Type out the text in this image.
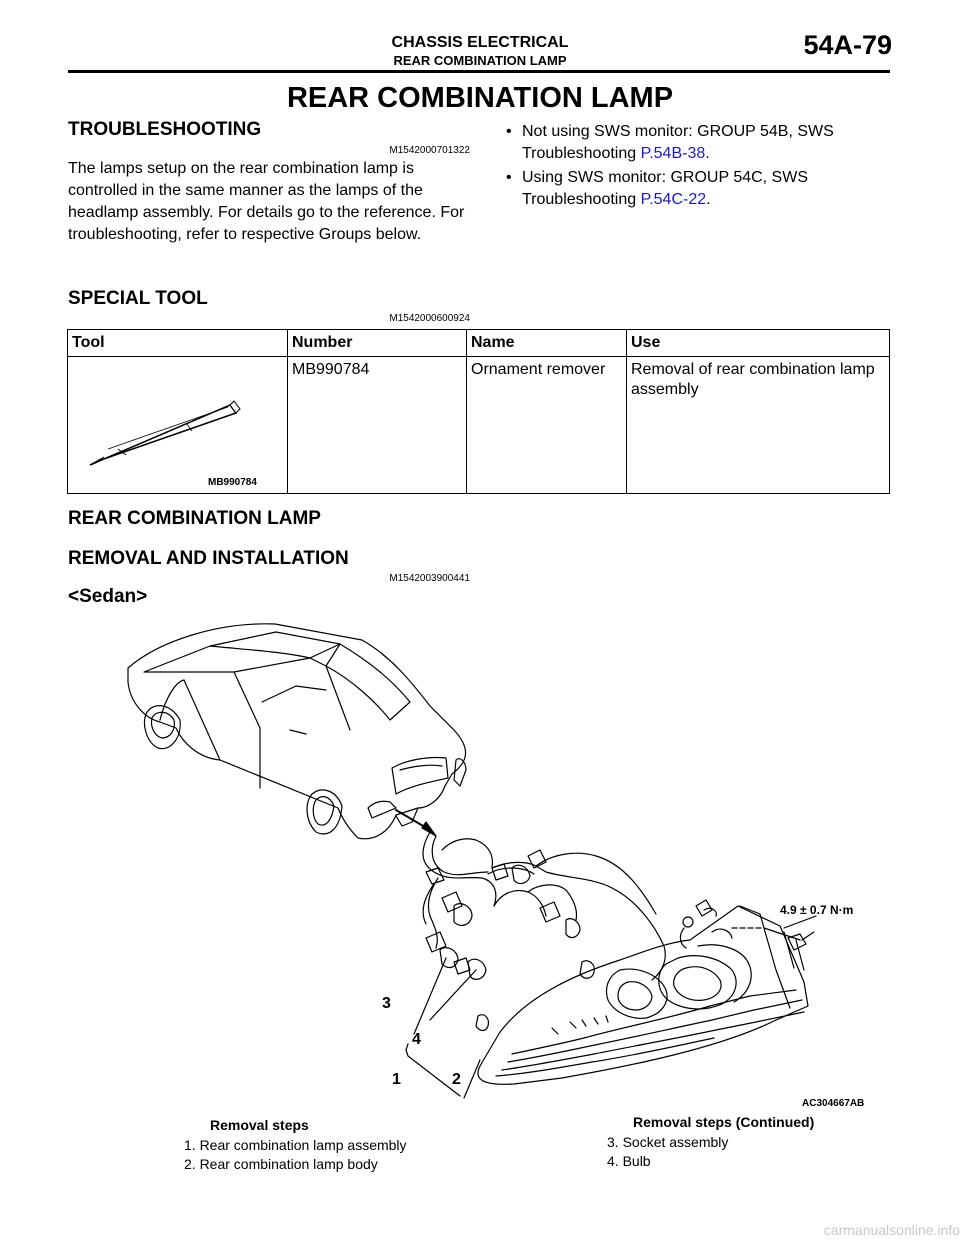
CHASSIS ELECTRICAL
REAR COMBINATION LAMP
54A-79
REAR COMBINATION LAMP
TROUBLESHOOTING
M1542000701322
The lamps setup on the rear combination lamp is controlled in the same manner as the lamps of the headlamp assembly. For details go to the reference. For troubleshooting, refer to respective Groups below.
• Not using SWS monitor: GROUP 54B, SWS
Troubleshooting P.54B-38.
• Using SWS monitor: GROUP 54C, SWS
Troubleshooting P.54C-22.
SPECIAL TOOL
M1542000600924
Tool	Number	Name	Use

MB990784	MB990784	Ornament remover	Removal of rear combination lamp assembly
REAR COMBINATION LAMP
REMOVAL AND INSTALLATION
M1542003900441
<Sedan>
3
4
1	2
4.9 ± 0.7 N·m
AC304667AB
Removal steps
1. Rear combination lamp assembly
2. Rear combination lamp body
Removal steps (Continued)
3. Socket assembly
4. Bulb
carmanualsonline.info
